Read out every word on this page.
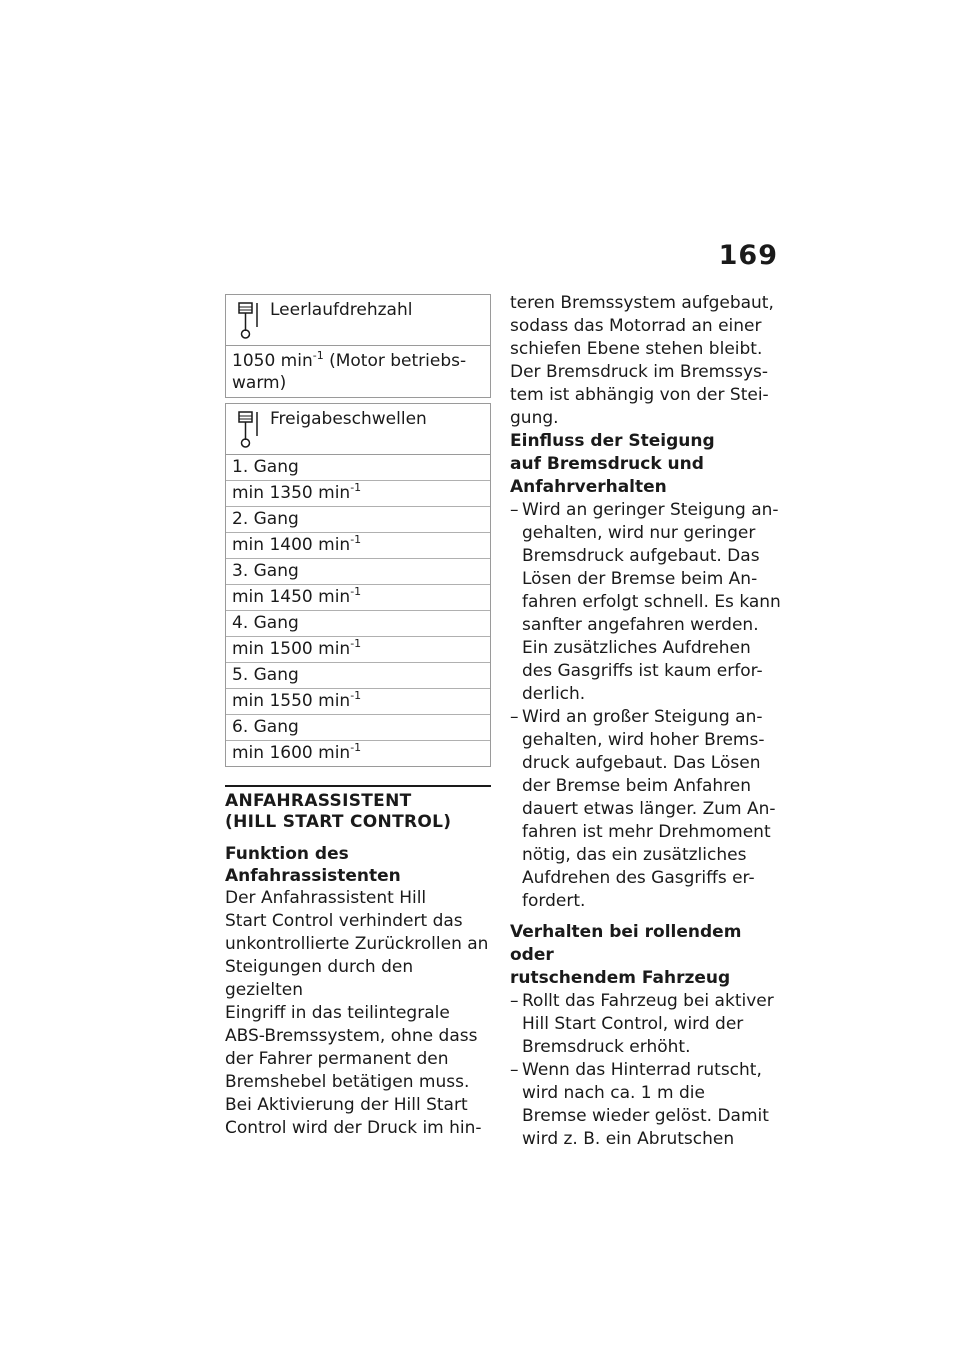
169
Leerlaufdrehzahl
1050 $\min^{-1}$ (Motor betriebs-
warm)
Freigabeschwellen
1. Gang
min 1350 $\min^{-1}$
2. Gang
min 1400 $\min^{-1}$
3. Gang
min 1450 $\min^{-1}$
4. Gang
min 1500 $\min^{-1}$
5. Gang
min 1550 $\min^{-1}$
6. Gang
min 1600 $\min^{-1}$
ANFAHRASSISTENT
(HILL START CONTROL)
Funktion des
Anfahrassistenten
Der Anfahrassistent Hill
Start Control verhindert das
unkontrollierte Zurückrollen an
Steigungen durch den gezielten
Eingriff in das teilintegrale
ABS-Bremssystem, ohne dass
der Fahrer permanent den
Bremshebel betätigen muss.
Bei Aktivierung der Hill Start
Control wird der Druck im hin-
teren Bremssystem aufgebaut,
sodass das Motorrad an einer
schiefen Ebene stehen bleibt.
Der Bremsdruck im Bremssys-
tem ist abhängig von der Stei-
gung.
Einfluss der Steigung
auf Bremsdruck und
Anfahrverhalten
– Wird an geringer Steigung an-
gehalten, wird nur geringer
Bremsdruck aufgebaut. Das
Lösen der Bremse beim An-
fahren erfolgt schnell. Es kann
sanfter angefahren werden.
Ein zusätzliches Aufdrehen
des Gasgriffs ist kaum erfor-
derlich.
– Wird an großer Steigung an-
gehalten, wird hoher Brems-
druck aufgebaut. Das Lösen
der Bremse beim Anfahren
dauert etwas länger. Zum An-
fahren ist mehr Drehmoment
nötig, das ein zusätzliches
Aufdrehen des Gasgriffs er-
fordert.
Verhalten bei rollendem oder
rutschendem Fahrzeug
– Rollt das Fahrzeug bei aktiver
Hill Start Control, wird der
Bremsdruck erhöht.
– Wenn das Hinterrad rutscht,
wird nach ca. 1 m die
Bremse wieder gelöst. Damit
wird z. B. ein Abrutschen
